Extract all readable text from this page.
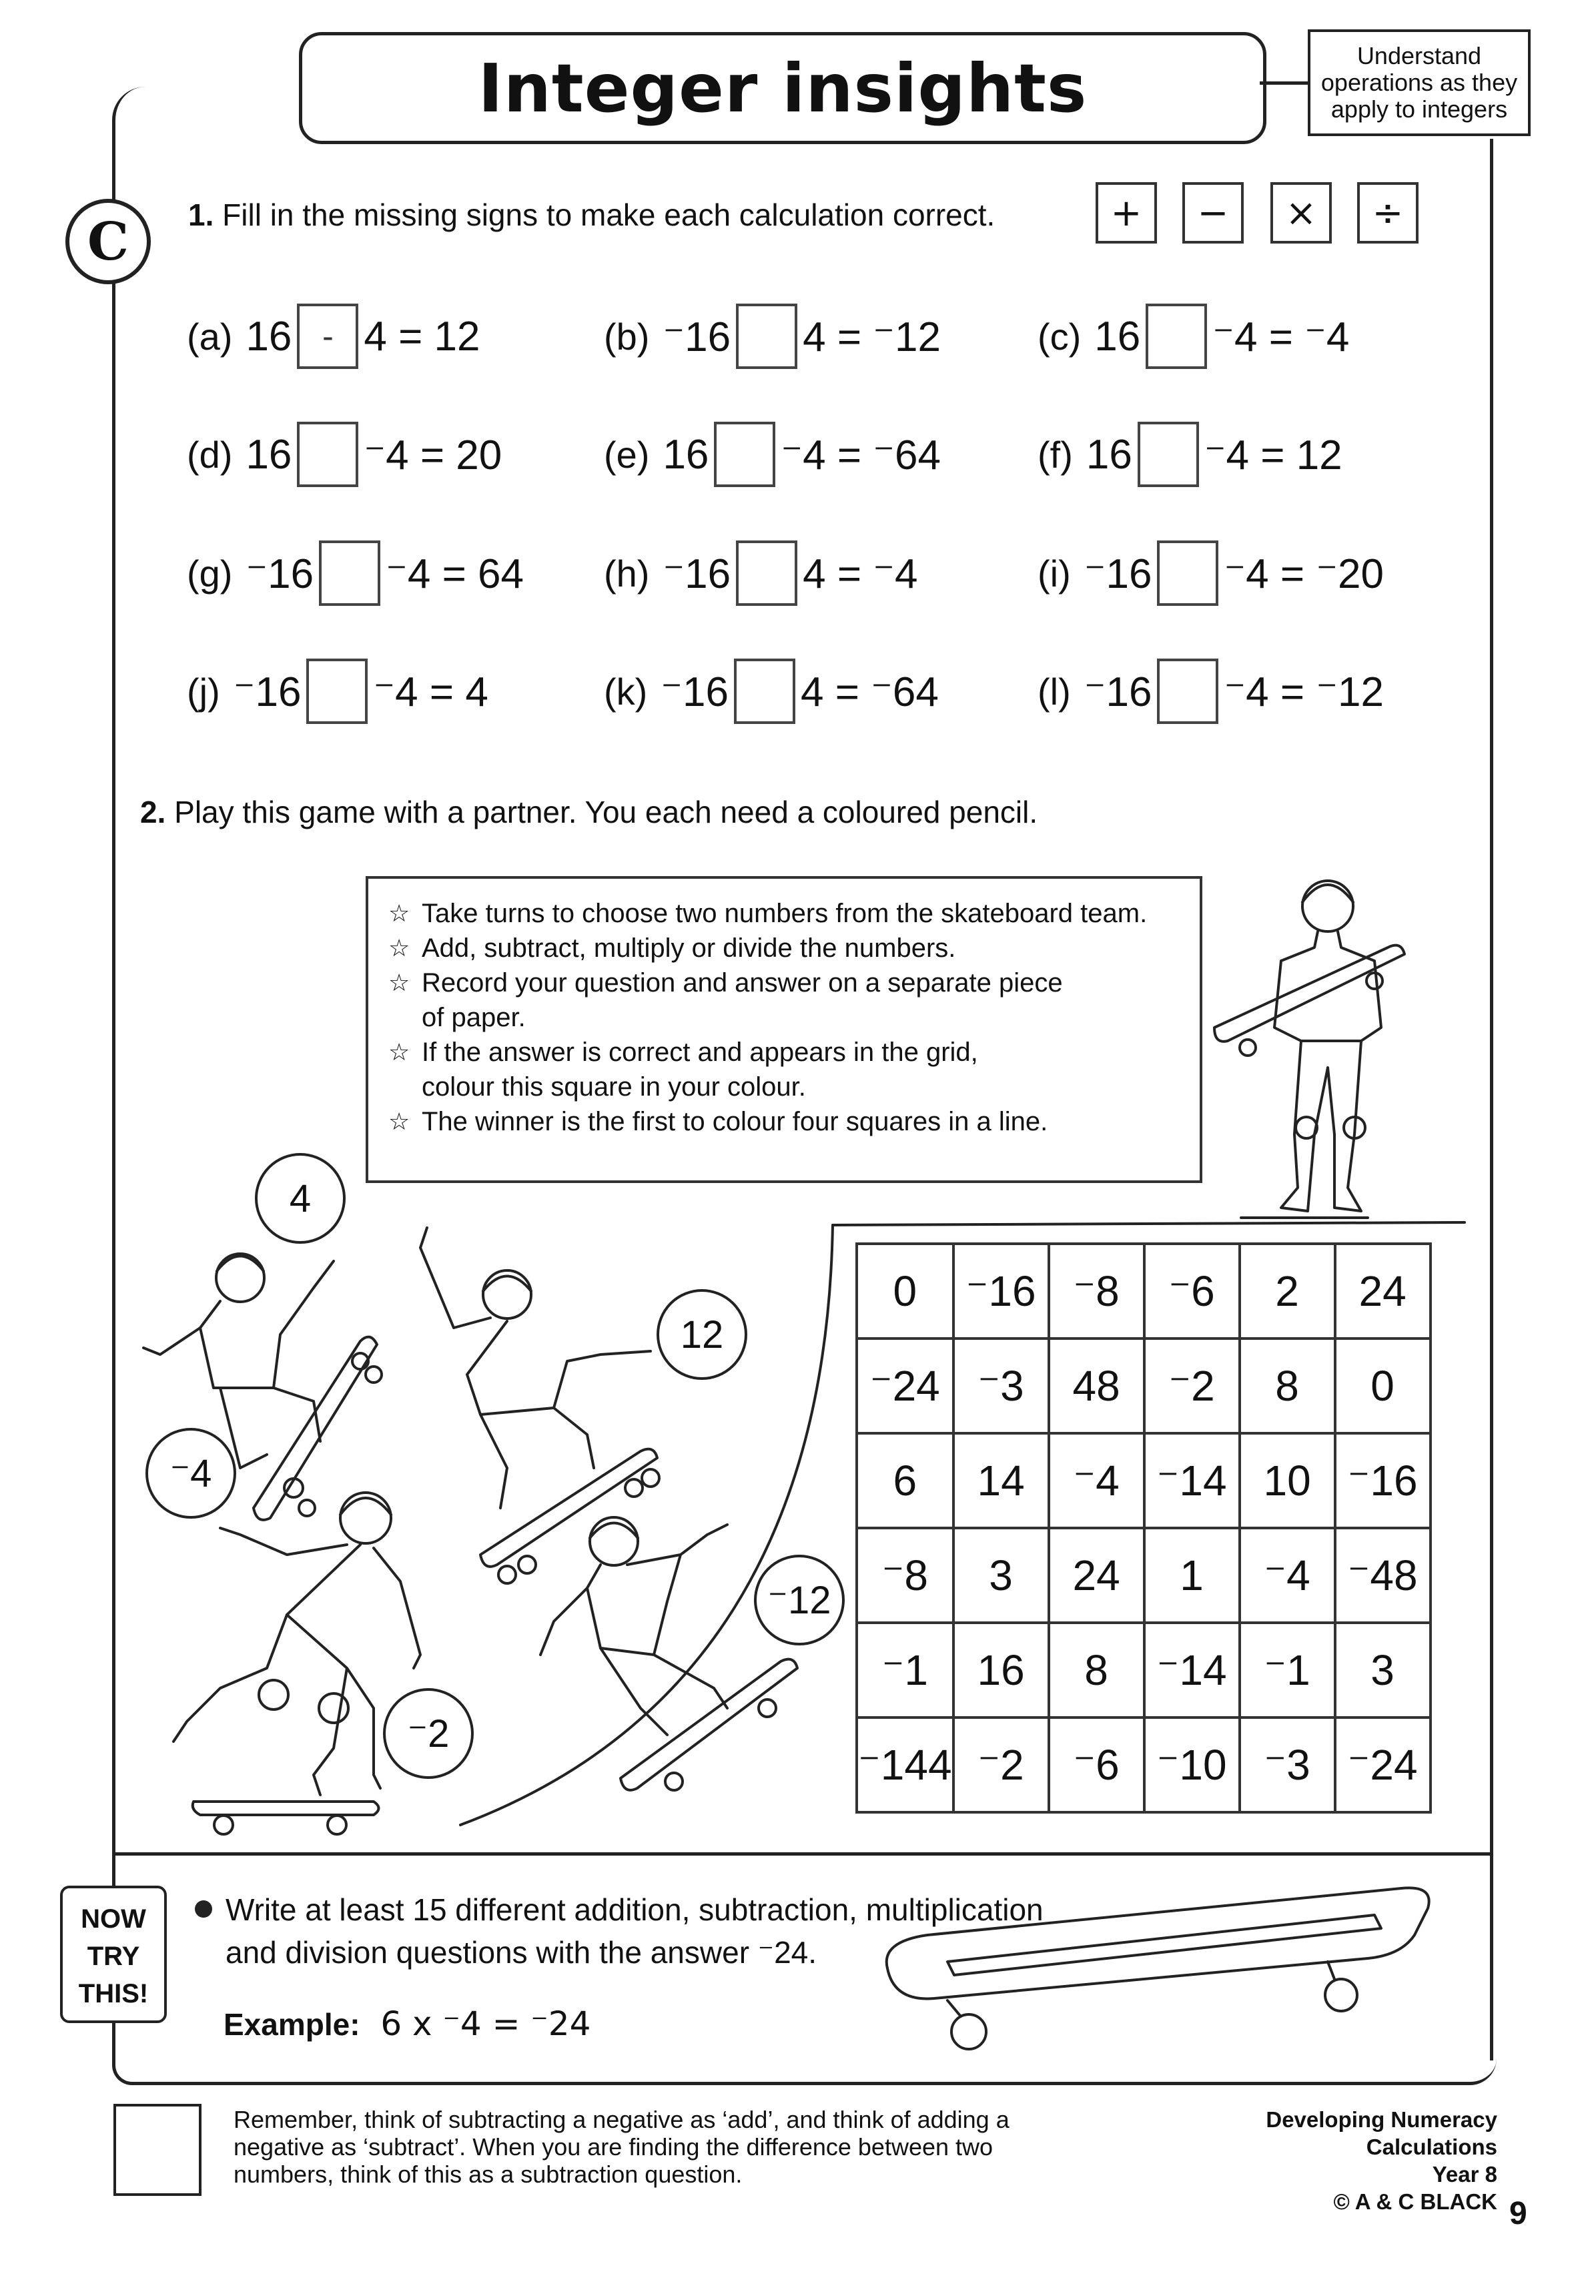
Integer insights	Understand
operations as they
apply to integers
C	1. Fill in the missing signs to make each calculation correct.	+	−	×	÷
(a) 16 - 4 = 12	(b) ⁻16 4 = ⁻12	(c) 16 ⁻4 = ⁻4
(d) 16 ⁻4 = 20	(e) 16 ⁻4 = ⁻64	(f) 16 ⁻4 = 12
(g) ⁻16 ⁻4 = 64 (h) ⁻16 4 = ⁻4	(i) ⁻16 ⁻4 = ⁻20
(j) ⁻16 ⁻4 = 4	(k) ⁻16 4 = ⁻64	(l) ⁻16 ⁻4 = ⁻12
2. Play this game with a partner. You each need a coloured pencil.
☆ Take turns to choose two numbers from the skateboard team.
☆ Add, subtract, multiply or divide the numbers.
☆ Record your question and answer on a separate piece
of paper.
☆ If the answer is correct and appears in the grid,
colour this square in your colour.
☆ The winner is the first to colour four squares in a line.
4
12
⁻4
⁻12
⁻2
0	⁻16	⁻8	⁻6	2	24
⁻24	⁻3	48	⁻2	8	0
6	14	⁻4	⁻14	10	⁻16
⁻8	3	24	1	⁻4	⁻48
⁻1	16	8	⁻14	⁻1	3
⁻144	⁻2	⁻6	⁻10	⁻3	⁻24
NOW
TRY
THIS!
Write at least 15 different addition, subtraction, multiplication
and division questions with the answer ⁻24.
Example: 6 x ⁻4 = ⁻24
Remember, think of subtracting a negative as ‘add’, and think of adding a
negative as ‘subtract’. When you are finding the difference between two
numbers, think of this as a subtraction question.
Developing Numeracy
Calculations
Year 8
© A & C BLACK 9
